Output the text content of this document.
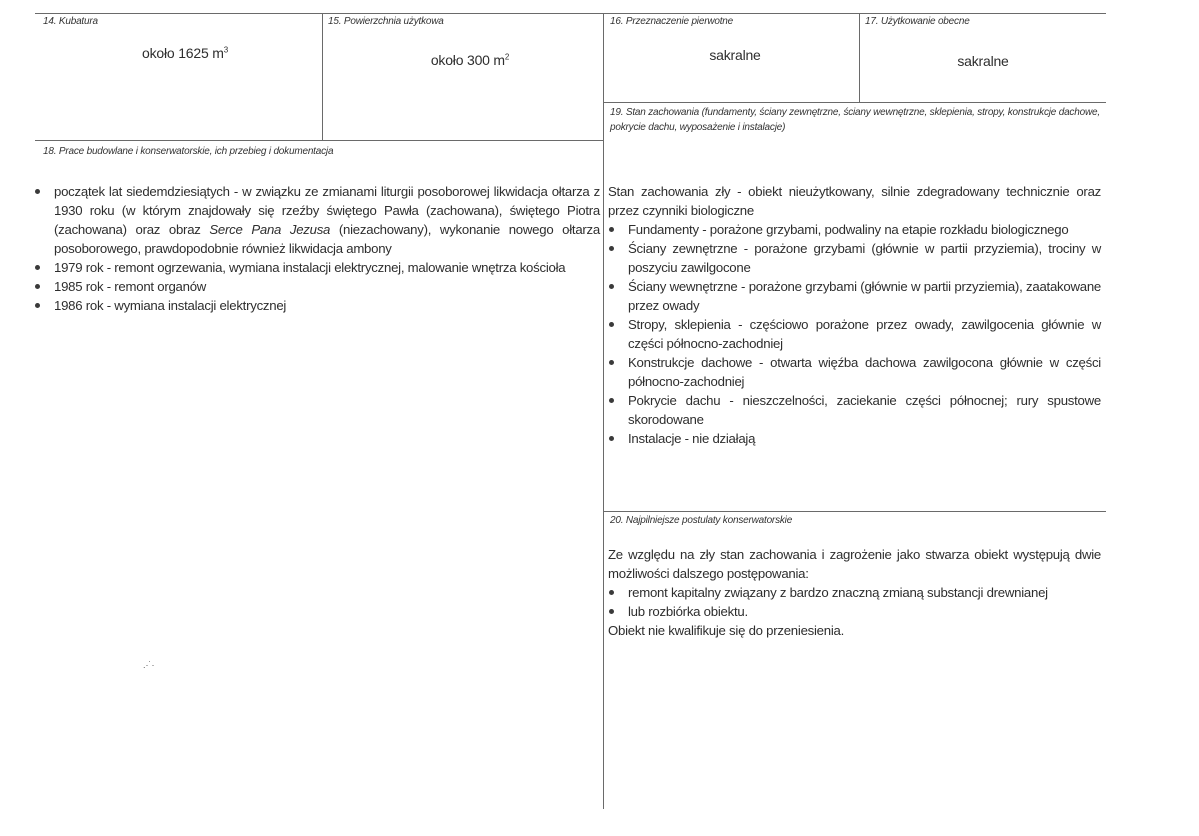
14. Kubatura
około 1625 $m^3$
15. Powierzchnia użytkowa
około 300 $m^2$
16. Przeznaczenie pierwotne
sakralne
17. Użytkowanie obecne
sakralne
19. Stan zachowania (fundamenty, ściany zewnętrzne, ściany wewnętrzne, sklepienia, stropy, konstrukcje dachowe, pokrycie dachu, wyposażenie i instalacje)
18. Prace budowlane i konserwatorskie, ich przebieg i dokumentacja
początek lat siedemdziesiątych - w związku ze zmianami liturgii posoborowej likwidacja ołtarza z 1930 roku (w którym znajdowały się rzeźby świętego Pawła (zachowana), świętego Piotra (zachowana) oraz obraz Serce Pana Jezusa (niezachowany), wykonanie nowego ołtarza posoborowego, prawdopodobnie również likwidacja ambony
1979 rok - remont ogrzewania, wymiana instalacji elektrycznej, malowanie wnętrza kościoła
1985 rok - remont organów
1986 rok - wymiana instalacji elektrycznej

Stan zachowania zły - obiekt nieużytkowany, silnie zdegradowany technicznie oraz przez czynniki biologiczne

Fundamenty - porażone grzybami, podwaliny na etapie rozkładu biologicznego
Ściany zewnętrzne - porażone grzybami (głównie w partii przyziemia), trociny w poszyciu zawilgocone
Ściany wewnętrzne - porażone grzybami (głównie w partii przyziemia), zaatakowane przez owady
Stropy, sklepienia - częściowo porażone przez owady, zawilgocenia głównie w części północno-zachodniej
Konstrukcje dachowe - otwarta więźba dachowa zawilgocona głównie w części północno-zachodniej
Pokrycie dachu - nieszczelności, zaciekanie części północnej; rury spustowe skorodowane
Instalacje - nie działają
20. Najpilniejsze postulaty konserwatorskie

Ze względu na zły stan zachowania i zagrożenie jako stwarza obiekt występują dwie możliwości dalszego postępowania:

remont kapitalny związany z bardzo znaczną zmianą substancji drewnianej
lub rozbiórka obiektu.

Obiekt nie kwalifikuje się do przeniesienia.

.·˙·
